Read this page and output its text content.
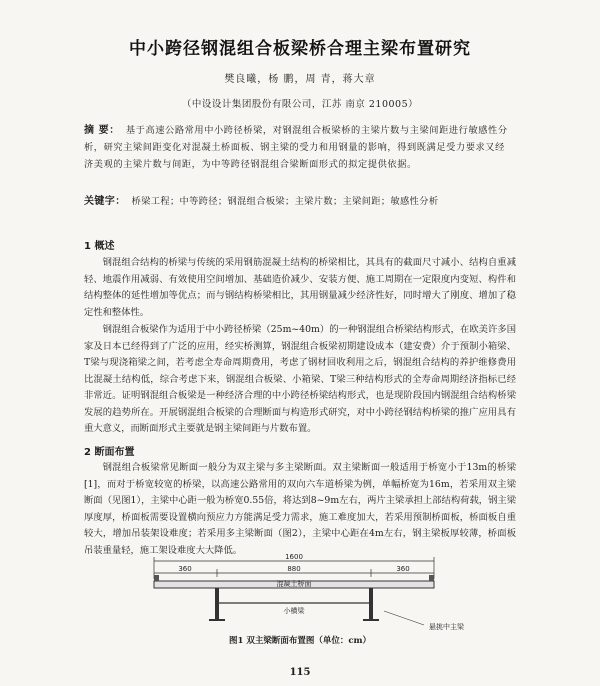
中小跨径钢混组合板梁桥合理主梁布置研究
樊良曦，杨 鹏，周 青，蒋大章
（中设设计集团股份有限公司，江苏 南京 210005）
摘 要： 基于高速公路常用中小跨径桥梁，对钢混组合板梁桥的主梁片数与主梁间距进行敏感性分析，研究主梁间距变化对混凝土桥面板、钢主梁的受力和用钢量的影响，得到既满足受力要求又经济美观的主梁片数与间距，为中等跨径钢混组合梁断面形式的拟定提供依据。
关键字： 桥梁工程；中等跨径；钢混组合板梁；主梁片数；主梁间距；敏感性分析
1 概述

钢混组合结构的桥梁与传统的采用钢筋混凝土结构的桥梁相比，其具有的截面尺寸减小、结构自重减轻、地震作用减弱、有效使用空间增加、基础造价减少、安装方便、施工周期在一定限度内变短、构件和结构整体的延性增加等优点；而与钢结构桥梁相比，其用钢量减少经济性好，同时增大了刚度、增加了稳定性和整体性。

钢混组合板梁作为适用于中小跨径桥梁（25m~40m）的一种钢混组合桥梁结构形式，在欧美许多国家及日本已经得到了广泛的应用，经实桥测算，钢混组合板梁初期建设成本（建安费）介于预制小箱梁、T梁与现浇箱梁之间，若考虑全寿命周期费用，考虑了钢材回收利用之后，钢混组合结构的养护维修费用比混凝土结构低，综合考虑下来，钢混组合板梁、小箱梁、T梁三种结构形式的全寿命周期经济指标已经非常近。证明钢混组合板梁是一种经济合理的中小跨径桥梁结构形式，也是现阶段国内钢混组合结构桥梁发展的趋势所在。开展钢混组合板梁的合理断面与构造形式研究，对中小跨径钢结构桥梁的推广应用具有重大意义，而断面形式主要就是钢主梁间距与片数布置。

2 断面布置

钢混组合板梁常见断面一般分为双主梁与多主梁断面。双主梁断面一般适用于桥宽小于13m的桥梁[1]，而对于桥宽较宽的桥梁，以高速公路常用的双向六车道桥梁为例，单幅桥宽为16m，若采用双主梁断面（见图1），主梁中心距一般为桥宽0.55倍，将达到8~9m左右，两片主梁承担上部结构荷载，钢主梁厚度厚，桥面板需要设置横向预应力方能满足受力需求，施工难度加大，若采用预制桥面板，桥面板自重较大，增加吊装架设难度；若采用多主梁断面（图2），主梁中心距在4m左右，钢主梁板厚较薄，桥面板吊装重量轻，施工架设难度大大降低。

1600
360	880	360
混凝土桥面
小横梁
悬挑中主梁
图1 双主梁断面布置图（单位：cm）
115
